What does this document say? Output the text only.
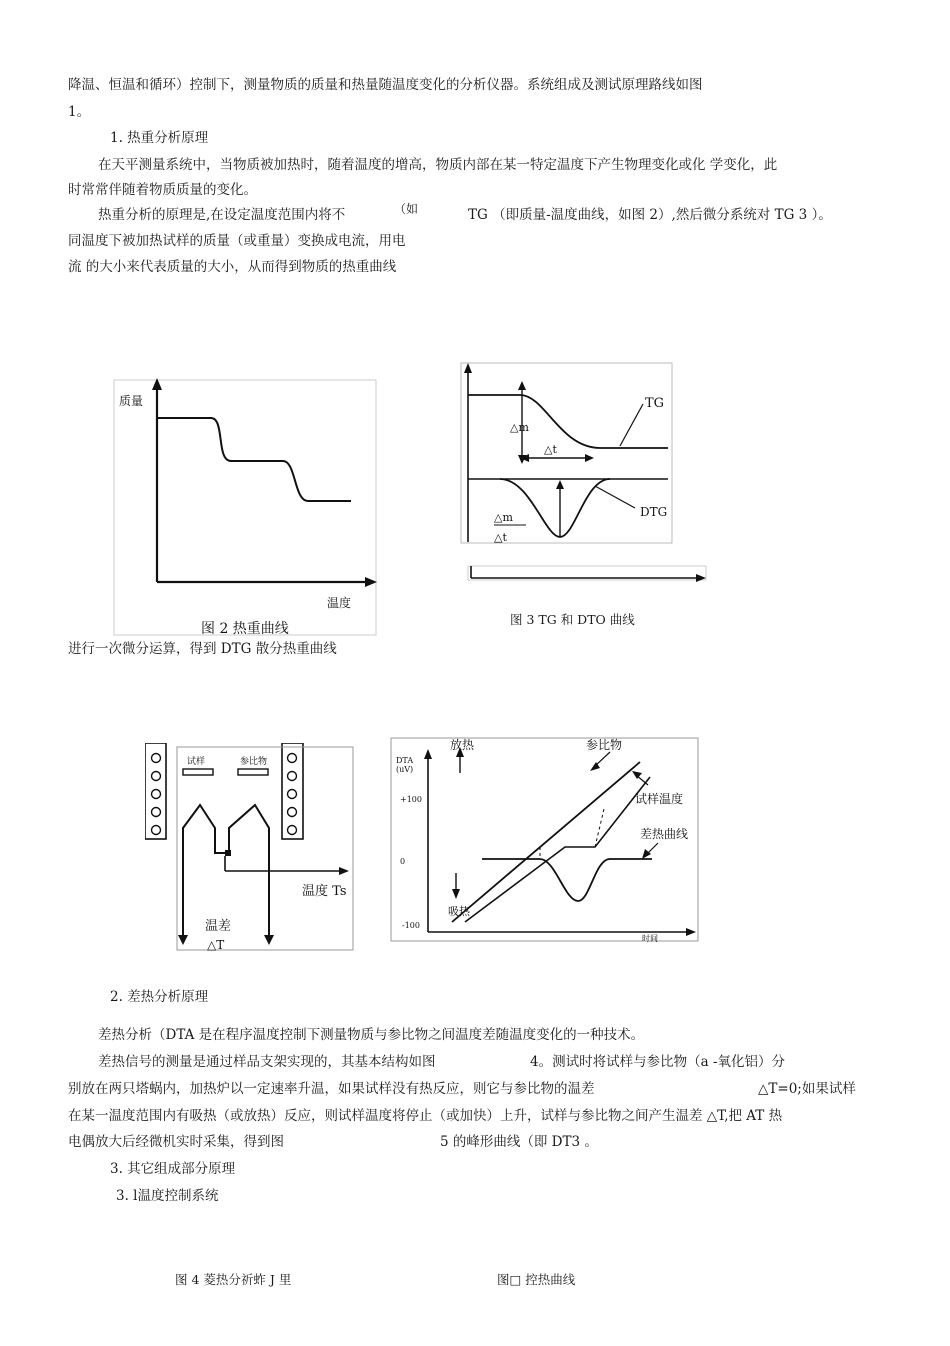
降温、恒温和循环）控制下，测量物质的质量和热量随温度变化的分析仪器。系统组成及测试原理路线如图
1。
1. 热重分析原理
在天平测量系统中，当物质被加热时，随着温度的增高，物质内部在某一特定温度下产生物理变化或化 学变化，此
时常常伴随着物质质量的变化。
热重分析的原理是,在设定温度范围内将不	（如	TG （即质量-温度曲线，如图 2）,然后微分系统对 TG 3 ）。
同温度下被加热试样的质量（或重量）变换成电流，用电
流 的大小来代表质量的大小，从而得到物质的热重曲线
质量
温度
图 2 热重曲线
△m
△t
TG
DTG
△m
△t
图 3 TG 和 DTO 曲线
进行一次微分运算，得到 DTG 散分热重曲线
试样	参比物
温度 Ts
温差
△T
DTA
(uV)
+100
0
-100
时间
放热
吸热
参比物
试样温度
差热曲线
2. 差热分析原理
差热分析（DTA 是在程序温度控制下测量物质与参比物之间温度差随温度变化的一种技术。
差热信号的测量是通过样品支架实现的，其基本结构如图	4。测试时将试样与参比物（a -氧化铝）分
别放在两只塔蜗内，加热炉以一定速率升温，如果试样没有热反应，则它与参比物的温差	△T=0;如果试样
在某一温度范围内有吸热（或放热）反应，则试样温度将停止（或加快）上升，试样与参比物之间产生温差 △T,把 AT 热
电偶放大后经微机实时采集，得到图	5 的峰形曲线（即 DT3 。
3. 其它组成部分原理
3. l温度控制系统
图 4 菱热分祈蚱 J 里	图□ 控热曲线
